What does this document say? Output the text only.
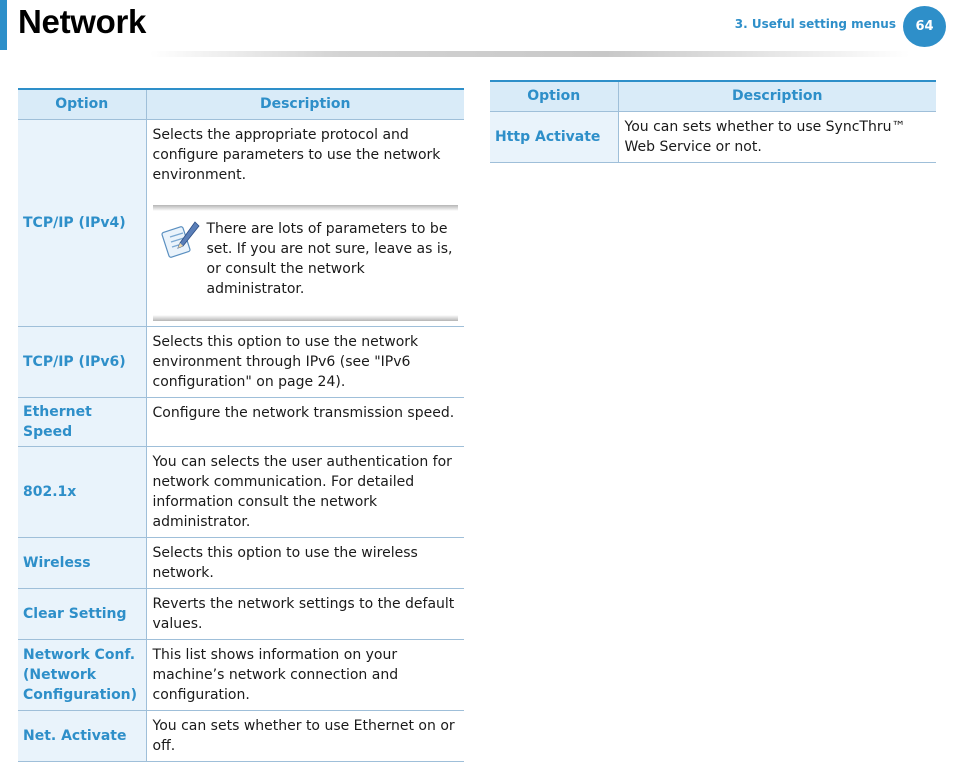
Network	3. Useful setting menus	64
Option	Description
TCP/IP (IPv4)	Selects the appropriate protocol and configure parameters to use the network environment.
There are lots of parameters to be set. If you are not sure, leave as is, or consult the network administrator.

TCP/IP (IPv6)	Selects this option to use the network environment through IPv6 (see "IPv6 configuration" on page 24).
Ethernet Speed	Configure the network transmission speed.
802.1x	You can selects the user authentication for network communication. For detailed information consult the network administrator.
Wireless	Selects this option to use the wireless network.
Clear Setting	Reverts the network settings to the default values.
Network Conf. (Network Configuration)	This list shows information on your machine’s network connection and configuration.
Net. Activate	You can sets whether to use Ethernet on or off.
Option	Description
Http Activate	You can sets whether to use SyncThru™ Web Service or not.
